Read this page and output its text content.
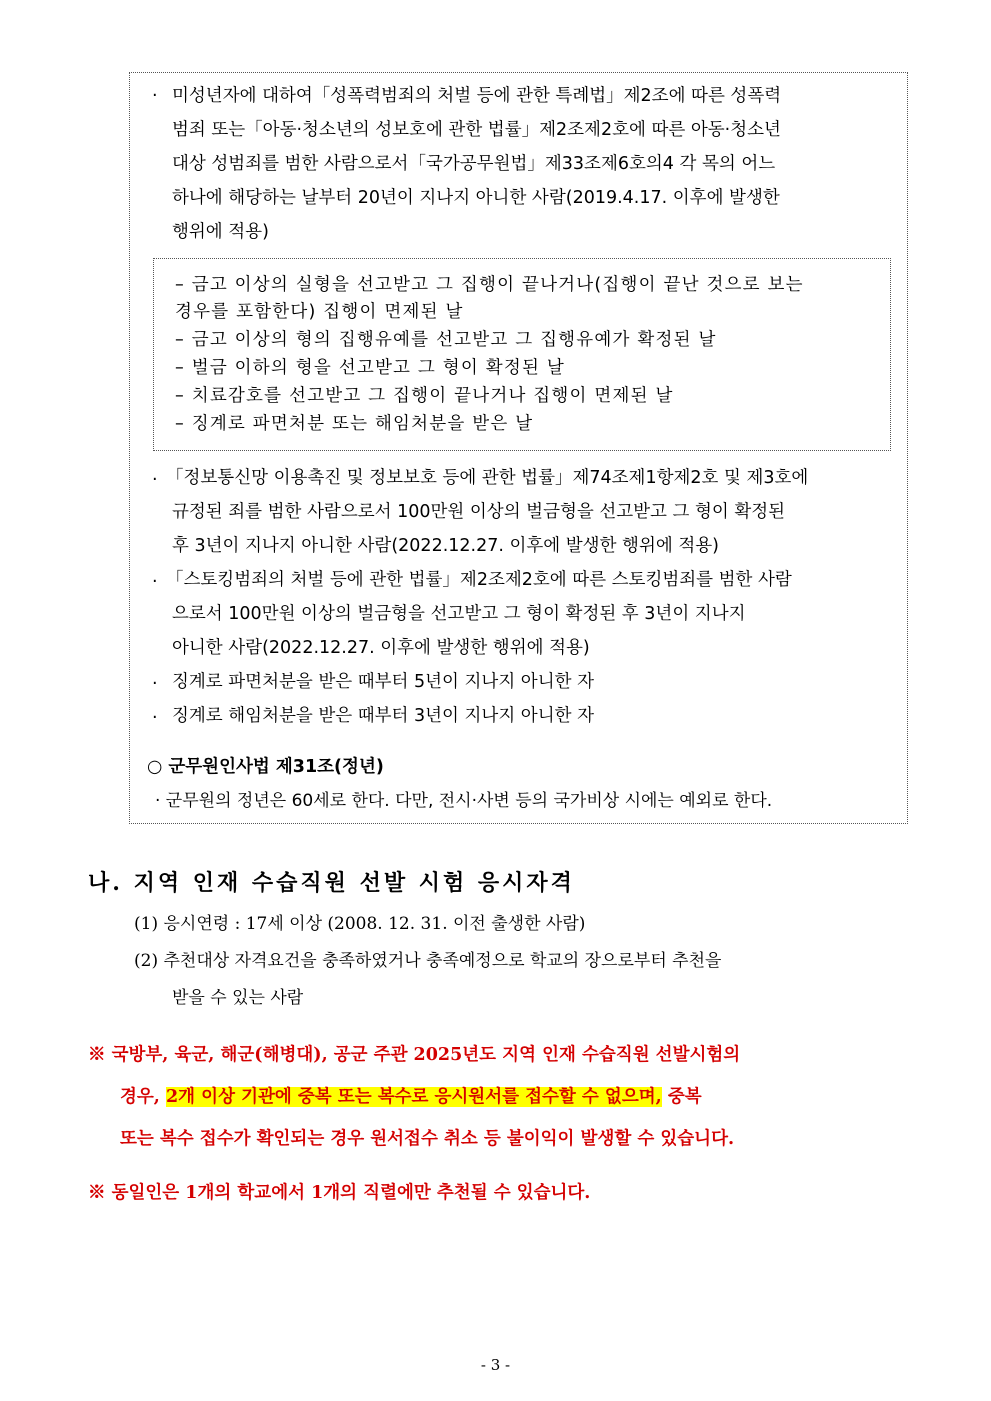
· 미성년자에 대하여「성폭력범죄의 처벌 등에 관한 특례법」제2조에 따른 성폭력
범죄 또는「아동·청소년의 성보호에 관한 법률」제2조제2호에 따른 아동·청소년
대상 성범죄를 범한 사람으로서「국가공무원법」제33조제6호의4 각 목의 어느
하나에 해당하는 날부터 20년이 지나지 아니한 사람(2019.4.17. 이후에 발생한
행위에 적용)
– 금고 이상의 실형을 선고받고 그 집행이 끝나거나(집행이 끝난 것으로 보는
경우를 포함한다) 집행이 면제된 날
– 금고 이상의 형의 집행유예를 선고받고 그 집행유예가 확정된 날
– 벌금 이하의 형을 선고받고 그 형이 확정된 날
– 치료감호를 선고받고 그 집행이 끝나거나 집행이 면제된 날
– 징계로 파면처분 또는 해임처분을 받은 날
· 「정보통신망 이용촉진 및 정보보호 등에 관한 법률」제74조제1항제2호 및 제3호에
규정된 죄를 범한 사람으로서 100만원 이상의 벌금형을 선고받고 그 형이 확정된
후 3년이 지나지 아니한 사람(2022.12.27. 이후에 발생한 행위에 적용)
· 「스토킹범죄의 처벌 등에 관한 법률」제2조제2호에 따른 스토킹범죄를 범한 사람
으로서 100만원 이상의 벌금형을 선고받고 그 형이 확정된 후 3년이 지나지
아니한 사람(2022.12.27. 이후에 발생한 행위에 적용)
· 징계로 파면처분을 받은 때부터 5년이 지나지 아니한 자
· 징계로 해임처분을 받은 때부터 3년이 지나지 아니한 자
○ 군무원인사법 제31조(정년)
· 군무원의 정년은 60세로 한다. 다만, 전시·사변 등의 국가비상 시에는 예외로 한다.
나. 지역 인재 수습직원 선발 시험 응시자격
(1) 응시연령 : 17세 이상 (2008. 12. 31. 이전 출생한 사람)
(2) 추천대상 자격요건을 충족하였거나 충족예정으로 학교의 장으로부터 추천을
받을 수 있는 사람
※ 국방부, 육군, 해군(해병대), 공군 주관 2025년도 지역 인재 수습직원 선발시험의
경우, 2개 이상 기관에 중복 또는 복수로 응시원서를 접수할 수 없으며, 중복
또는 복수 접수가 확인되는 경우 원서접수 취소 등 불이익이 발생할 수 있습니다.
※ 동일인은 1개의 학교에서 1개의 직렬에만 추천될 수 있습니다.
- 3 -
